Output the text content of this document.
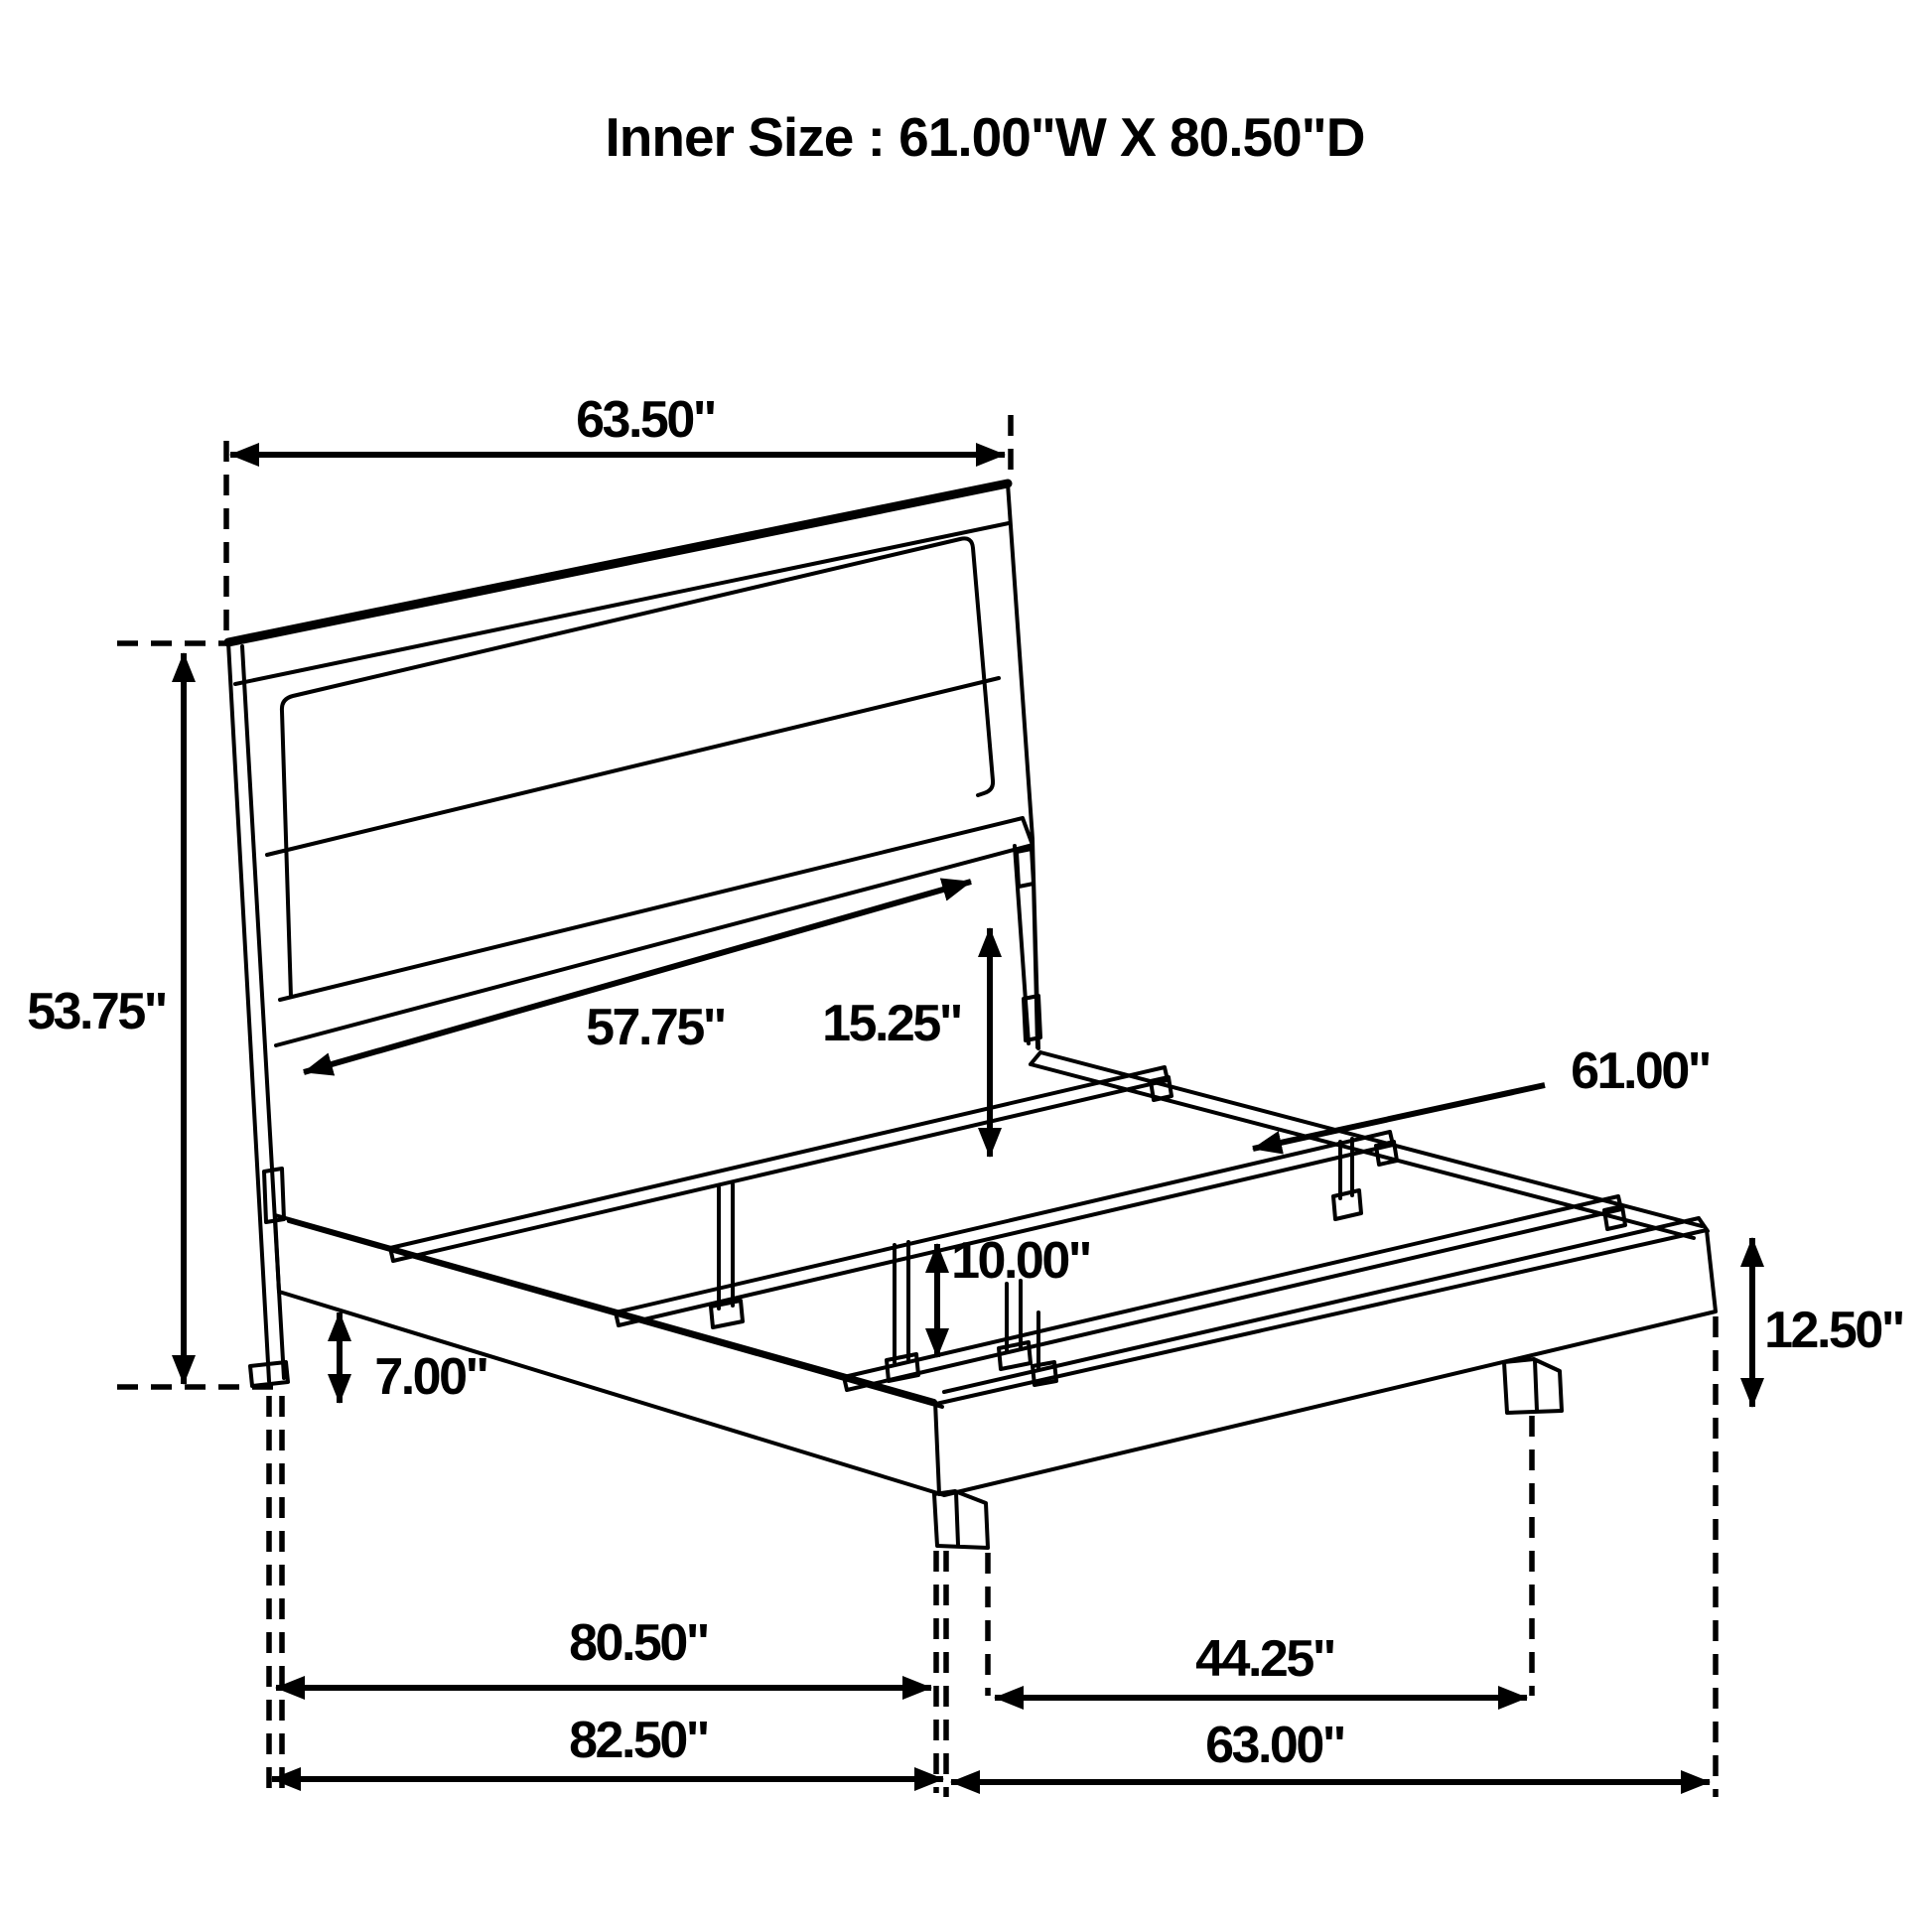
63.50"
53.75"	57.75" 15.25"
61.00"
10.00"
7.00"
12.50"
80.50"	44.25"
82.50"	63.00"
Inner Size : 61.00"W X 80.50"D
